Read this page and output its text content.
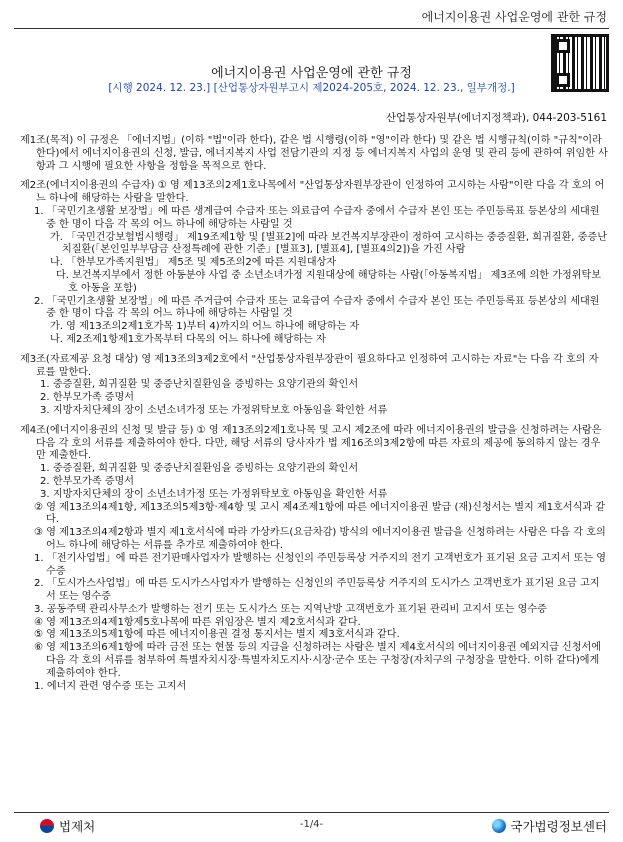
에너지이용권 사업운영에 관한 규정
에너지이용권 사업운영에 관한 규정
[시행 2024. 12. 23.] [산업통상자원부고시 제2024-205호, 2024. 12. 23., 일부개정.]
산업통상자원부(에너지정책과), 044-203-5161
제1조(목적) 이 규정은 「에너지법」(이하 "법"이라 한다), 같은 법 시행령(이하 "영"이라 한다) 및 같은 법 시행규칙(이하 "규칙"이라 한다)에서 에너지이용권의 신청, 발급, 에너지복지 사업 전담기관의 지정 등 에너지복지 사업의 운영 및 관리 등에 관하여 위임한 사항과 그 시행에 필요한 사항을 정함을 목적으로 한다.
제2조(에너지이용권의 수급자) ① 영 제13조의2제1호나목에서 "산업통상자원부장관이 인정하여 고시하는 사람"이란 다음 각 호의 어느 하나에 해당하는 사람을 말한다.
1. 「국민기초생활 보장법」에 따른 생계급여 수급자 또는 의료급여 수급자 중에서 수급자 본인 또는 주민등록표 등본상의 세대원 중 한 명이 다음 각 목의 어느 하나에 해당하는 사람일 것
가. 「국민건강보험법시행령」 제19조제1항 및 [별표2]에 따라 보건복지부장관이 정하여 고시하는 중증질환, 희귀질환, 중증난치질환(「본인일부부담금 산정특례에 관한 기준」[별표3], [별표4], [별표4의2])을 가진 사람
나. 「한부모가족지원법」 제5조 및 제5조의2에 따른 지원대상자
다. 보건복지부에서 정한 아동분야 사업 중 소년소녀가정 지원대상에 해당하는 사람(「아동복지법」 제3조에 의한 가정위탁보호 아동을 포함)
2. 「국민기초생활 보장법」에 따른 주거급여 수급자 또는 교육급여 수급자 중에서 수급자 본인 또는 주민등록표 등본상의 세대원 중 한 명이 다음 각 목의 어느 하나에 해당하는 사람일 것
가. 영 제13조의2제1호가목 1)부터 4)까지의 어느 하나에 해당하는 자
나. 제2조제1항제1호가목부터 다목의 어느 하나에 해당하는 자
제3조(자료제공 요청 대상) 영 제13조의3제2호에서 "산업통상자원부장관이 필요하다고 인정하여 고시하는 자료"는 다음 각 호의 자료를 말한다.
1. 중증질환, 희귀질환 및 중증난치질환임을 증빙하는 요양기관의 확인서
2. 한부모가족 증명서
3. 지방자치단체의 장이 소년소녀가정 또는 가정위탁보호 아동임을 확인한 서류
제4조(에너지이용권의 신청 및 발급 등) ① 영 제13조의2제1호나목 및 고시 제2조에 따라 에너지이용권의 발급을 신청하려는 사람은 다음 각 호의 서류를 제출하여야 한다. 다만, 해당 서류의 당사자가 법 제16조의3제2항에 따른 자료의 제공에 동의하지 않는 경우만 제출한다.
1. 중증질환, 희귀질환 및 중증난치질환임을 증빙하는 요양기관의 확인서
2. 한부모가족 증명서
3. 지방자치단체의 장이 소년소녀가정 또는 가정위탁보호 아동임을 확인한 서류
② 영 제13조의4제1항, 제13조의5제3항·제4항 및 고시 제4조제1항에 따른 에너지이용권 발급 (재)신청서는 별지 제1호서식과 같다.
③ 영 제13조의4제2항과 별지 제1호서식에 따라 가상카드(요금차감) 방식의 에너지이용권 발급을 신청하려는 사람은 다음 각 호의 어느 하나에 해당하는 서류를 추가로 제출하여야 한다.
1. 「전기사업법」에 따른 전기판매사업자가 발행하는 신청인의 주민등록상 거주지의 전기 고객번호가 표기된 요금 고지서 또는 영수증
2. 「도시가스사업법」에 따른 도시가스사업자가 발행하는 신청인의 주민등록상 거주지의 도시가스 고객번호가 표기된 요금 고지서 또는 영수증
3. 공동주택 관리사무소가 발행하는 전기 또는 도시가스 또는 지역난방 고객번호가 표기된 관리비 고지서 또는 영수증
④ 영 제13조의4제1항제5호나목에 따른 위임장은 별지 제2호서식과 같다.
⑤ 영 제13조의5제1항에 따른 에너지이용권 결정 통지서는 별지 제3호서식과 같다.
⑥ 영 제13조의6제1항에 따라 금전 또는 현물 등의 지급을 신청하려는 사람은 별지 제4호서식의 에너지이용권 예외지급 신청서에 다음 각 호의 서류를 첨부하여 특별자치시장·특별자치도지사·시장·군수 또는 구청장(자치구의 구청장을 말한다. 이하 같다)에게 제출하여야 한다.
1. 에너지 관련 영수증 또는 고지서
법제처	-1/4-	국가법령정보센터
